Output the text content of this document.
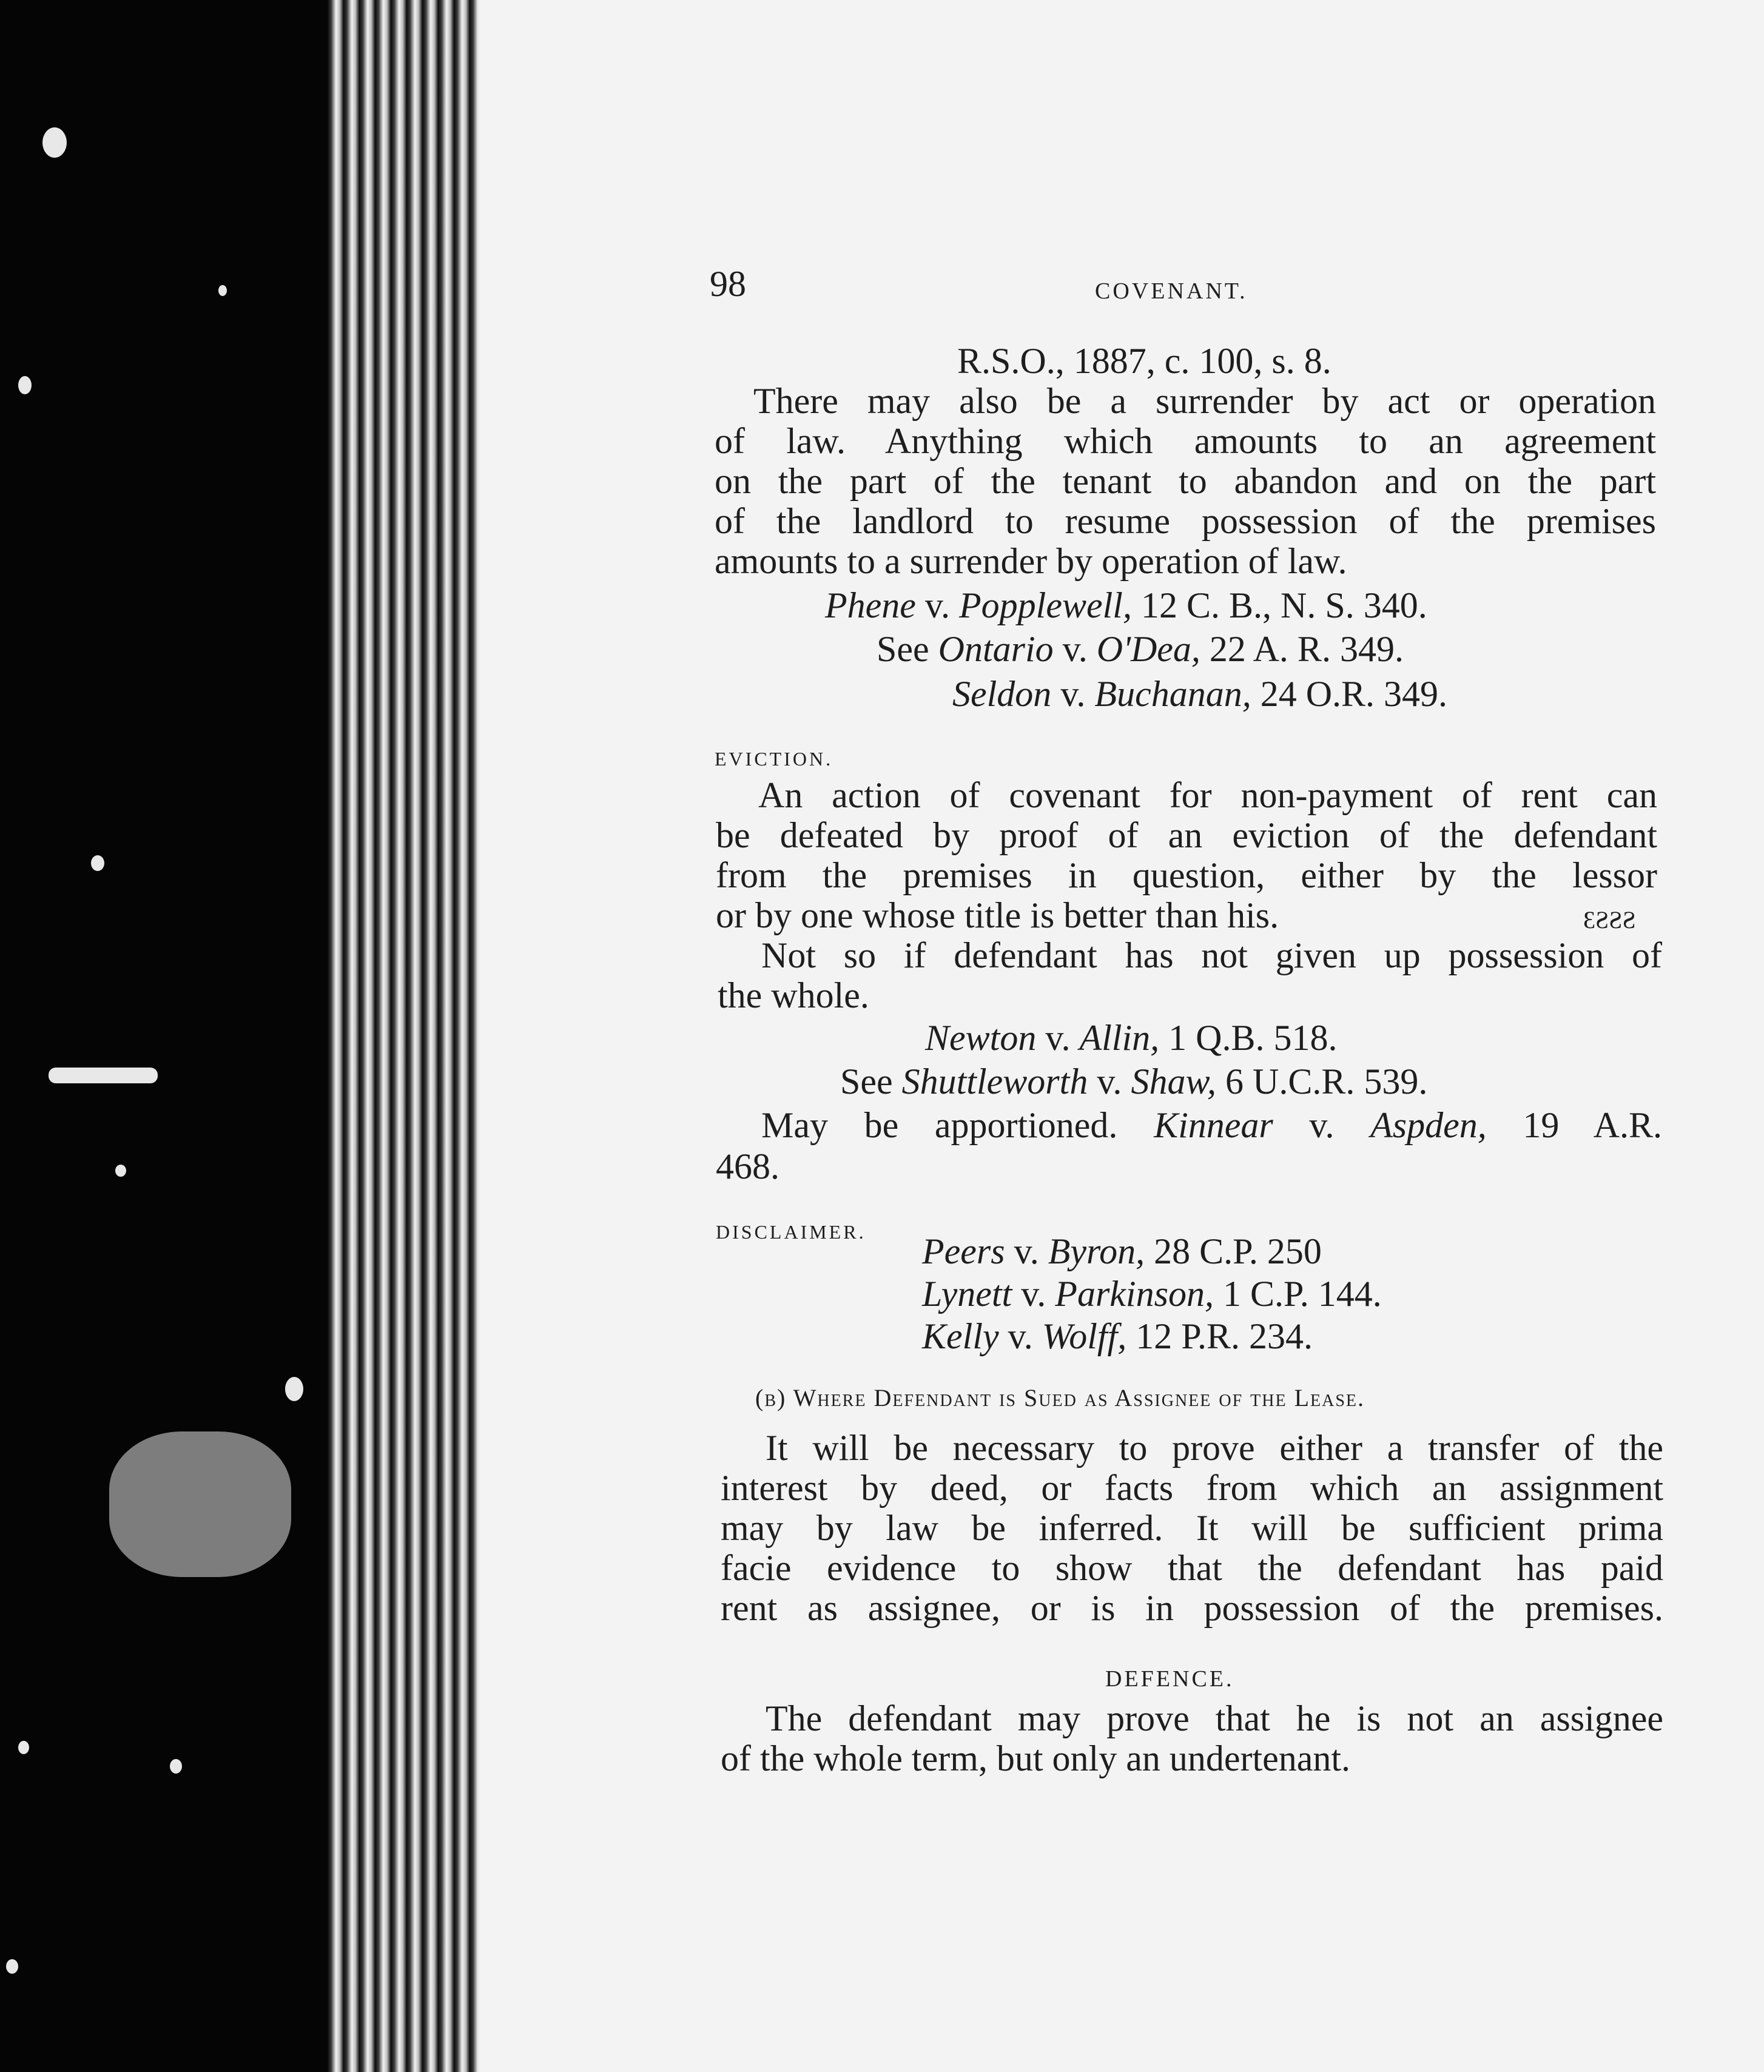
98	COVENANT.
R.S.O., 1887, c. 100, s. 8.
There may also be a surrender by act or operation
of law. Anything which amounts to an agreement
on the part of the tenant to abandon and on the part
of the landlord to resume possession of the premises
amounts to a surrender by operation of law.
Phene v. Popplewell, 12 C. B., N. S. 340.
See Ontario v. O'Dea, 22 A. R. 349.
Seldon v. Buchanan, 24 O.R. 349.
EVICTION.
An action of covenant for non-payment of rent can
be defeated by proof of an eviction of the defendant
from the premises in question, either by the lessor
or by one whose title is better than his.	ƐƧƧƧ
Not so if defendant has not given up possession of
the whole.
Newton v. Allin, 1 Q.B. 518.
See Shuttleworth v. Shaw, 6 U.C.R. 539.
May be apportioned. Kinnear v. Aspden, 19 A.R.
468.
DISCLAIMER. Peers v. Byron, 28 C.P. 250
Lynett v. Parkinson, 1 C.P. 144.
Kelly v. Wolff, 12 P.R. 234.
(b) Where Defendant is Sued as Assignee of the Lease.
It will be necessary to prove either a transfer of the
interest by deed, or facts from which an assignment
may by law be inferred. It will be sufficient prima
facie evidence to show that the defendant has paid
rent as assignee, or is in possession of the premises.
DEFENCE.
The defendant may prove that he is not an assignee
of the whole term, but only an undertenant.
